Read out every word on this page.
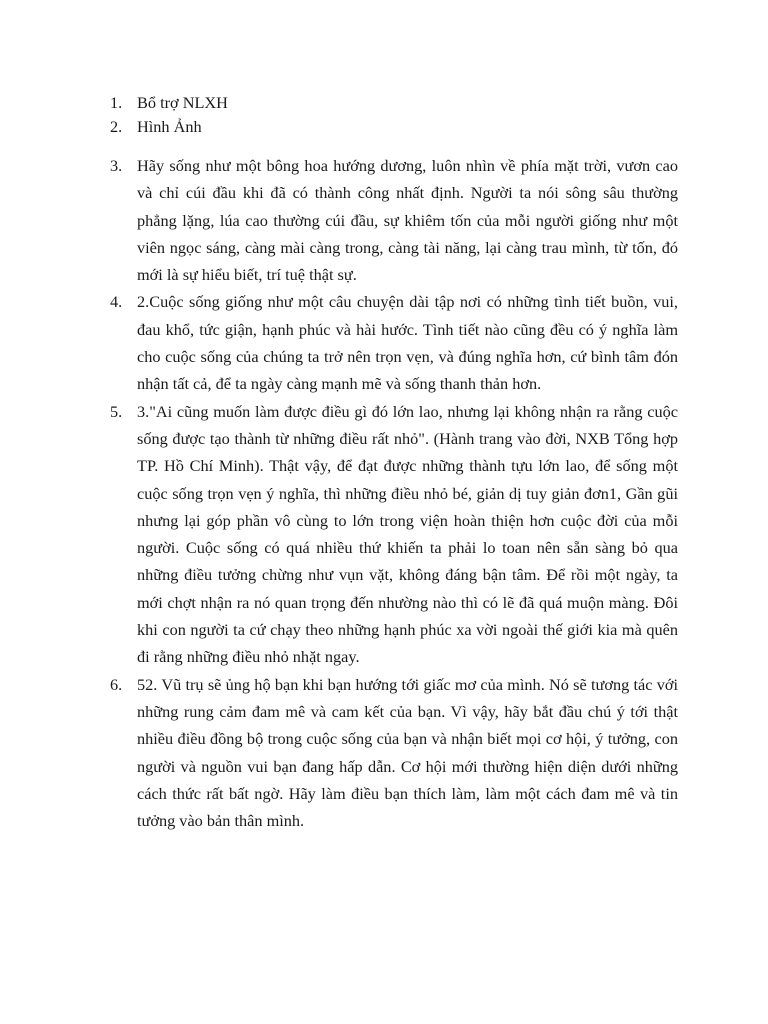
1. Bổ trợ NLXH
2. Hình Ảnh
3. Hãy sống như một bông hoa hướng dương, luôn nhìn về phía mặt trời, vươn cao và chỉ cúi đầu khi đã có thành công nhất định. Người ta nói sông sâu thường phẳng lặng, lúa cao thường cúi đầu, sự khiêm tốn của mỗi người giống như một viên ngọc sáng, càng mài càng trong, càng tài năng, lại càng trau mình, từ tốn, đó mới là sự hiểu biết, trí tuệ thật sự.
4. 2.Cuộc sống giống như một câu chuyện dài tập nơi có những tình tiết buồn, vui, đau khổ, tức giận, hạnh phúc và hài hước. Tình tiết nào cũng đều có ý nghĩa làm cho cuộc sống của chúng ta trở nên trọn vẹn, và đúng nghĩa hơn, cứ bình tâm đón nhận tất cả, để ta ngày càng mạnh mẽ và sống thanh thản hơn.
5. 3."Ai cũng muốn làm được điều gì đó lớn lao, nhưng lại không nhận ra rằng cuộc sống được tạo thành từ những điều rất nhỏ". (Hành trang vào đời, NXB Tổng hợp TP. Hồ Chí Minh). Thật vậy, để đạt được những thành tựu lớn lao, để sống một cuộc sống trọn vẹn ý nghĩa, thì những điều nhỏ bé, giản dị tuy giản đơn1, Gần gũi nhưng lại góp phần vô cùng to lớn trong viện hoàn thiện hơn cuộc đời của mỗi người. Cuộc sống có quá nhiều thứ khiến ta phải lo toan nên sẵn sàng bỏ qua những điều tưởng chừng như vụn vặt, không đáng bận tâm. Để rồi một ngày, ta mới chợt nhận ra nó quan trọng đến nhường nào thì có lẽ đã quá muộn màng. Đôi khi con người ta cứ chạy theo những hạnh phúc xa vời ngoài thế giới kia mà quên đi rằng những điều nhỏ nhặt ngay.
6. 52. Vũ trụ sẽ ủng hộ bạn khi bạn hướng tới giấc mơ của mình. Nó sẽ tương tác với những rung cảm đam mê và cam kết của bạn. Vì vậy, hãy bắt đầu chú ý tới thật nhiều điều đồng bộ trong cuộc sống của bạn và nhận biết mọi cơ hội, ý tưởng, con người và nguồn vui bạn đang hấp dẫn. Cơ hội mới thường hiện diện dưới những cách thức rất bất ngờ. Hãy làm điều bạn thích làm, làm một cách đam mê và tin tưởng vào bản thân mình.
